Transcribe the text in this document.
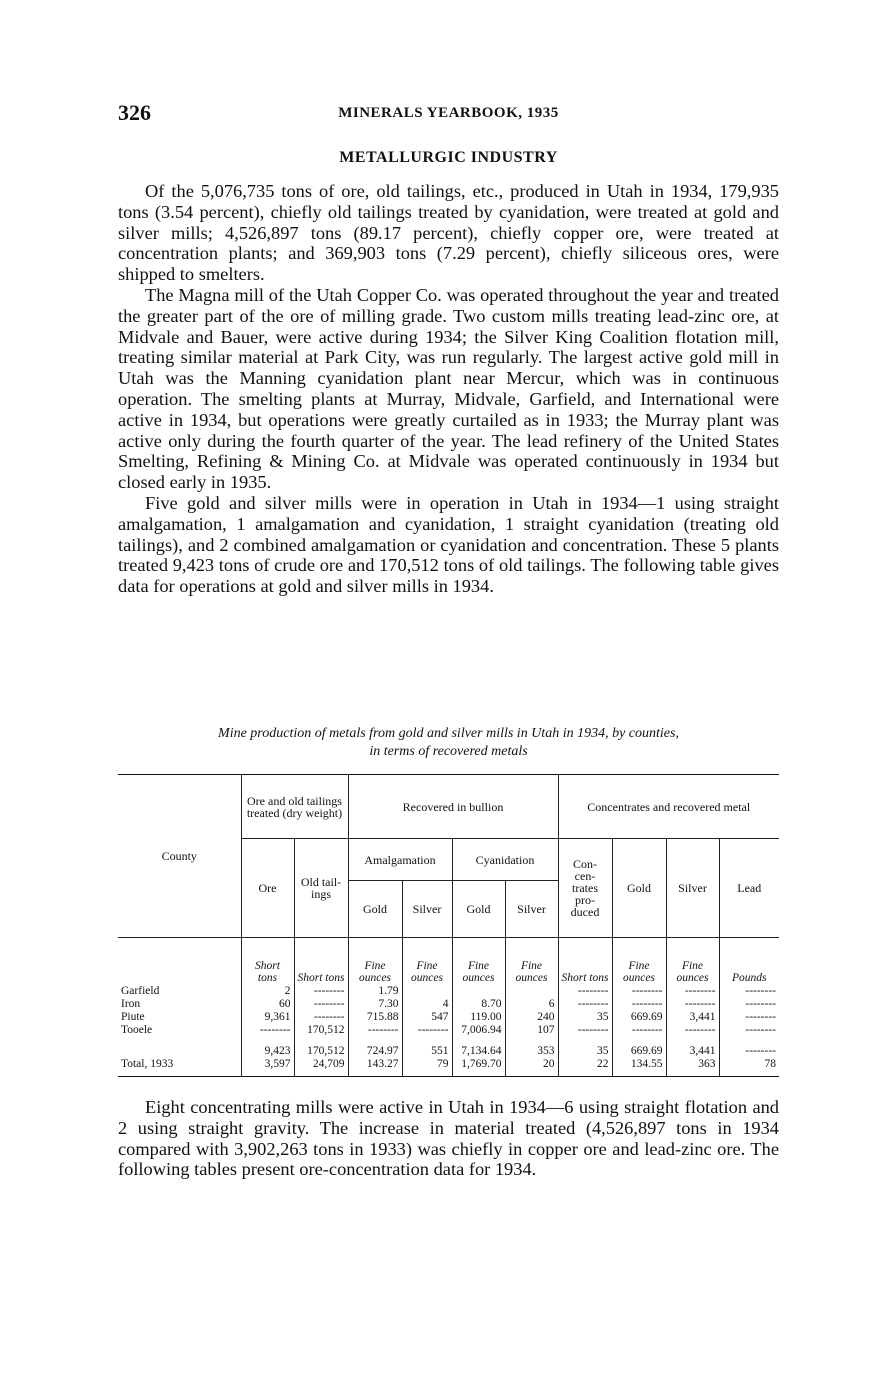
326	MINERALS YEARBOOK, 1935
METALLURGIC INDUSTRY

Of the 5,076,735 tons of ore, old tailings, etc., produced in Utah in 1934, 179,935 tons (3.54 percent), chiefly old tailings treated by cyanidation, were treated at gold and silver mills; 4,526,897 tons (89.17 percent), chiefly copper ore, were treated at concentration plants; and 369,903 tons (7.29 percent), chiefly siliceous ores, were shipped to smelters.

The Magna mill of the Utah Copper Co. was operated throughout the year and treated the greater part of the ore of milling grade. Two custom mills treating lead-zinc ore, at Midvale and Bauer, were active during 1934; the Silver King Coalition flotation mill, treating similar material at Park City, was run regularly. The largest active gold mill in Utah was the Manning cyanidation plant near Mercur, which was in continuous operation. The smelting plants at Murray, Midvale, Garfield, and International were active in 1934, but operations were greatly curtailed as in 1933; the Murray plant was active only during the fourth quarter of the year. The lead refinery of the United States Smelting, Refining & Mining Co. at Midvale was operated continuously in 1934 but closed early in 1935.

Five gold and silver mills were in operation in Utah in 1934—1 using straight amalgamation, 1 amalgamation and cyanidation, 1 straight cyanidation (treating old tailings), and 2 combined amalgamation or cyanidation and concentration. These 5 plants treated 9,423 tons of crude ore and 170,512 tons of old tailings. The following table gives data for operations at gold and silver mills in 1934.

Mine production of metals from gold and silver mills in Utah in 1934, by counties,
in terms of recovered metals
County	Ore and old tailings treated (dry weight)		Recovered in bullion				Concentrates and recovered metal			
	Ore	Old tail- ings	Amalgamation		Cyanidation		Con- cen- trates pro- duced	Gold	Silver	Lead
			Gold	Silver	Gold	Silver				
	Short tons	Short tons	Fine ounces	Fine ounces	Fine ounces	Fine ounces	Short tons	Fine ounces	Fine ounces	Pounds
Garfield	2	--------	1.79				--------	--------	--------	--------
Iron	60	--------	7.30	4	8.70	6	--------	--------	--------	--------
Piute	9,361	--------	715.88	547	119.00	240	35	669.69	3,441	--------
Tooele	--------	170,512	--------	--------	7,006.94	107	--------	--------	--------	--------
	9,423	170,512	724.97	551	7,134.64	353	35	669.69	3,441	--------
Total, 1933	3,597	24,709	143.27	79	1,769.70	20	22	134.55	363	78

Eight concentrating mills were active in Utah in 1934—6 using straight flotation and 2 using straight gravity. The increase in material treated (4,526,897 tons in 1934 compared with 3,902,263 tons in 1933) was chiefly in copper ore and lead-zinc ore. The following tables present ore-concentration data for 1934.
